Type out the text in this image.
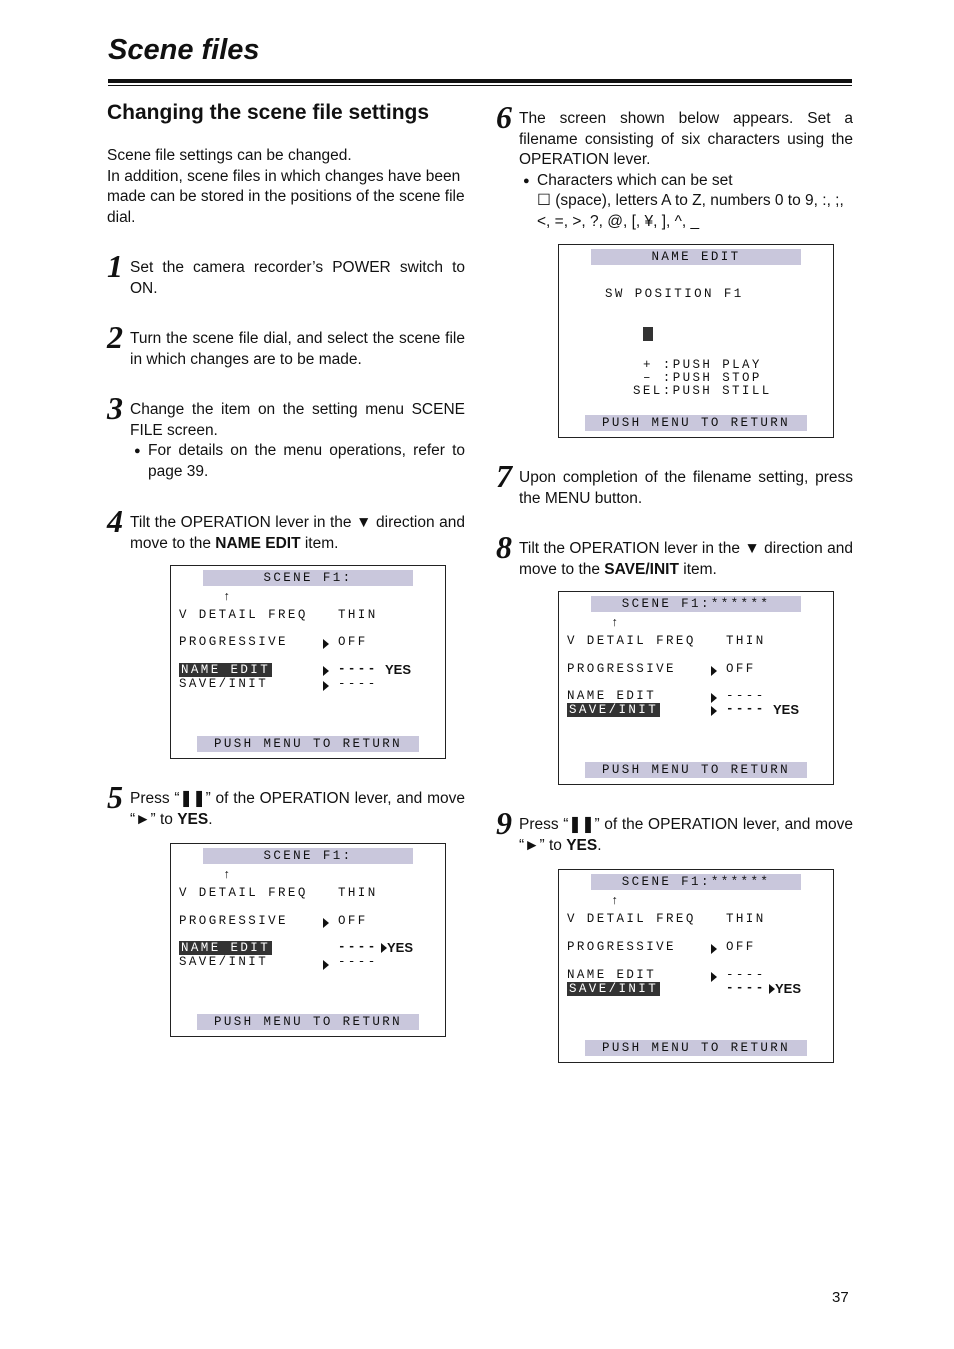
Scene files
Changing the scene file settings
Scene file settings can be changed.
In addition, scene files in which changes have been made can be stored in the positions of the scene file dial.
1 Set the camera recorder’s POWER switch to ON.
2 Turn the scene file dial, and select the scene file in which changes are to be made.
3 Change the item on the setting menu SCENE FILE screen.
● For details on the menu operations, refer to page 39.
4 Tilt the OPERATION lever in the ▼ direction and move to the NAME EDIT item.
SCENE F1:
↑
V DETAIL FREQ THIN
PROGRESSIVE	OFF
NAME EDIT	---- YES
SAVE/INIT	----
PUSH MENU TO RETURN
5 Press “❚❚” of the OPERATION lever, and move “►” to YES.
SCENE F1:
↑
V DETAIL FREQ THIN
PROGRESSIVE	OFF
NAME EDIT	---- YES
SAVE/INIT	----
PUSH MENU TO RETURN
6 The screen shown below appears. Set a filename consisting of six characters using the OPERATION lever.
● Characters which can be set
☐ (space), letters A to Z, numbers 0 to 9, :, ;, <, =, >, ?, @, [, ¥, ], ^, _
NAME EDIT
SW POSITION F1
+ :PUSH PLAY
– :PUSH STOP
SEL:PUSH STILL
PUSH MENU TO RETURN
7 Upon completion of the filename setting, press the MENU button.
8 Tilt the OPERATION lever in the ▼ direction and move to the SAVE/INIT item.
SCENE F1:******
↑
V DETAIL FREQ THIN
PROGRESSIVE	OFF
NAME EDIT	----
SAVE/INIT	---- YES
PUSH MENU TO RETURN
9 Press “❚❚” of the OPERATION lever, and move “►” to YES.
SCENE F1:******
↑
V DETAIL FREQ THIN
PROGRESSIVE	OFF
NAME EDIT	----
SAVE/INIT	---- YES
PUSH MENU TO RETURN
37
